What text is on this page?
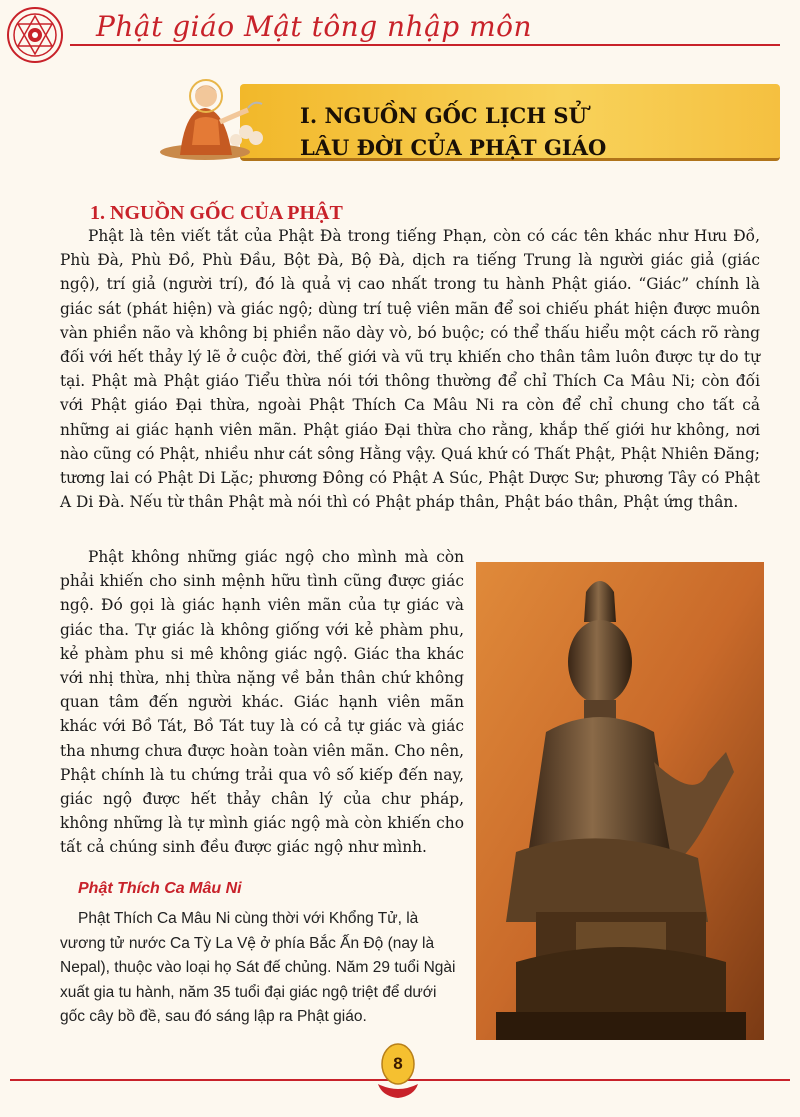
Phật giáo Mật tông nhập môn
I. NGUỒN GỐC LỊCH SỬ
LÂU ĐỜI CỦA PHẬT GIÁO
1. NGUỒN GỐC CỦA PHẬT
Phật là tên viết tắt của Phật Đà trong tiếng Phạn, còn có các tên khác như Hưu Đồ, Phù Đà, Phù Đồ, Phù Đầu, Bột Đà, Bộ Đà, dịch ra tiếng Trung là người giác giả (giác ngộ), trí giả (người trí), đó là quả vị cao nhất trong tu hành Phật giáo. “Giác” chính là giác sát (phát hiện) và giác ngộ; dùng trí tuệ viên mãn để soi chiếu phát hiện được muôn vàn phiền não và không bị phiền não dày vò, bó buộc; có thể thấu hiểu một cách rõ ràng đối với hết thảy lý lẽ ở cuộc đời, thế giới và vũ trụ khiến cho thân tâm luôn được tự do tự tại. Phật mà Phật giáo Tiểu thừa nói tới thông thường để chỉ Thích Ca Mâu Ni; còn đối với Phật giáo Đại thừa, ngoài Phật Thích Ca Mâu Ni ra còn để chỉ chung cho tất cả những ai giác hạnh viên mãn. Phật giáo Đại thừa cho rằng, khắp thế giới hư không, nơi nào cũng có Phật, nhiều như cát sông Hằng vậy. Quá khứ có Thất Phật, Phật Nhiên Đăng; tương lai có Phật Di Lặc; phương Đông có Phật A Súc, Phật Dược Sư; phương Tây có Phật A Di Đà. Nếu từ thân Phật mà nói thì có Phật pháp thân, Phật báo thân, Phật ứng thân.
Phật không những giác ngộ cho mình mà còn phải khiến cho sinh mệnh hữu tình cũng được giác ngộ. Đó gọi là giác hạnh viên mãn của tự giác và giác tha. Tự giác là không giống với kẻ phàm phu, kẻ phàm phu si mê không giác ngộ. Giác tha khác với nhị thừa, nhị thừa nặng về bản thân chứ không quan tâm đến người khác. Giác hạnh viên mãn khác với Bồ Tát, Bồ Tát tuy là có cả tự giác và giác tha nhưng chưa được hoàn toàn viên mãn. Cho nên, Phật chính là tu chứng trải qua vô số kiếp đến nay, giác ngộ được hết thảy chân lý của chư pháp, không những là tự mình giác ngộ mà còn khiến cho tất cả chúng sinh đều được giác ngộ như mình.
Phật Thích Ca Mâu Ni
Phật Thích Ca Mâu Ni cùng thời với Khổng Tử, là vương tử nước Ca Tỳ La Vệ ở phía Bắc Ấn Độ (nay là Nepal), thuộc vào loại họ Sát đế chủng. Năm 29 tuổi Ngài xuất gia tu hành, năm 35 tuổi đại giác ngộ triệt để dưới gốc cây bồ đề, sau đó sáng lập ra Phật giáo.
8
